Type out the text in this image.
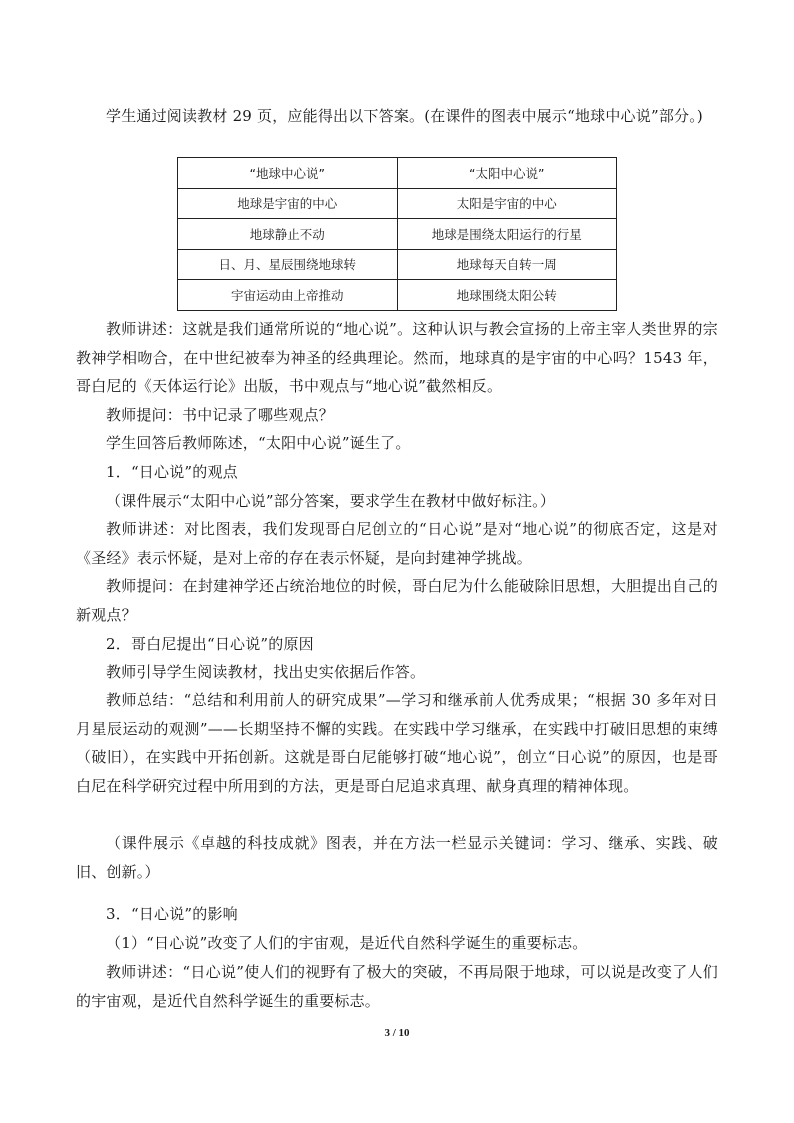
学生通过阅读教材 29 页，应能得出以下答案。(在课件的图表中展示“地球中心说”部分。)

“地球中心说”	“太阳中心说”
地球是宇宙的中心	太阳是宇宙的中心
地球静止不动	地球是围绕太阳运行的行星
日、月、星辰围绕地球转	地球每天自转一周
宇宙运动由上帝推动	地球围绕太阳公转

教师讲述：这就是我们通常所说的“地心说”。这种认识与教会宣扬的上帝主宰人类世界的宗教神学相吻合，在中世纪被奉为神圣的经典理论。然而，地球真的是宇宙的中心吗？1543 年，哥白尼的《天体运行论》出版，书中观点与“地心说”截然相反。

教师提问：书中记录了哪些观点？

学生回答后教师陈述，“太阳中心说”诞生了。

1．“日心说”的观点

（课件展示“太阳中心说”部分答案，要求学生在教材中做好标注。）

教师讲述：对比图表，我们发现哥白尼创立的“日心说”是对“地心说”的彻底否定，这是对《圣经》表示怀疑，是对上帝的存在表示怀疑，是向封建神学挑战。

教师提问：在封建神学还占统治地位的时候，哥白尼为什么能破除旧思想，大胆提出自己的新观点？

2．哥白尼提出“日心说”的原因

教师引导学生阅读教材，找出史实依据后作答。

教师总结：“总结和利用前人的研究成果”—学习和继承前人优秀成果；“根据 30 多年对日月星辰运动的观测”——长期坚持不懈的实践。在实践中学习继承，在实践中打破旧思想的束缚（破旧），在实践中开拓创新。这就是哥白尼能够打破“地心说”，创立“日心说”的原因，也是哥白尼在科学研究过程中所用到的方法，更是哥白尼追求真理、献身真理的精神体现。

（课件展示《卓越的科技成就》图表，并在方法一栏显示关键词：学习、继承、实践、破旧、创新。）

3．“日心说”的影响

（1）“日心说”改变了人们的宇宙观，是近代自然科学诞生的重要标志。

教师讲述：“日心说”使人们的视野有了极大的突破，不再局限于地球，可以说是改变了人们的宇宙观，是近代自然科学诞生的重要标志。

3 / 10
